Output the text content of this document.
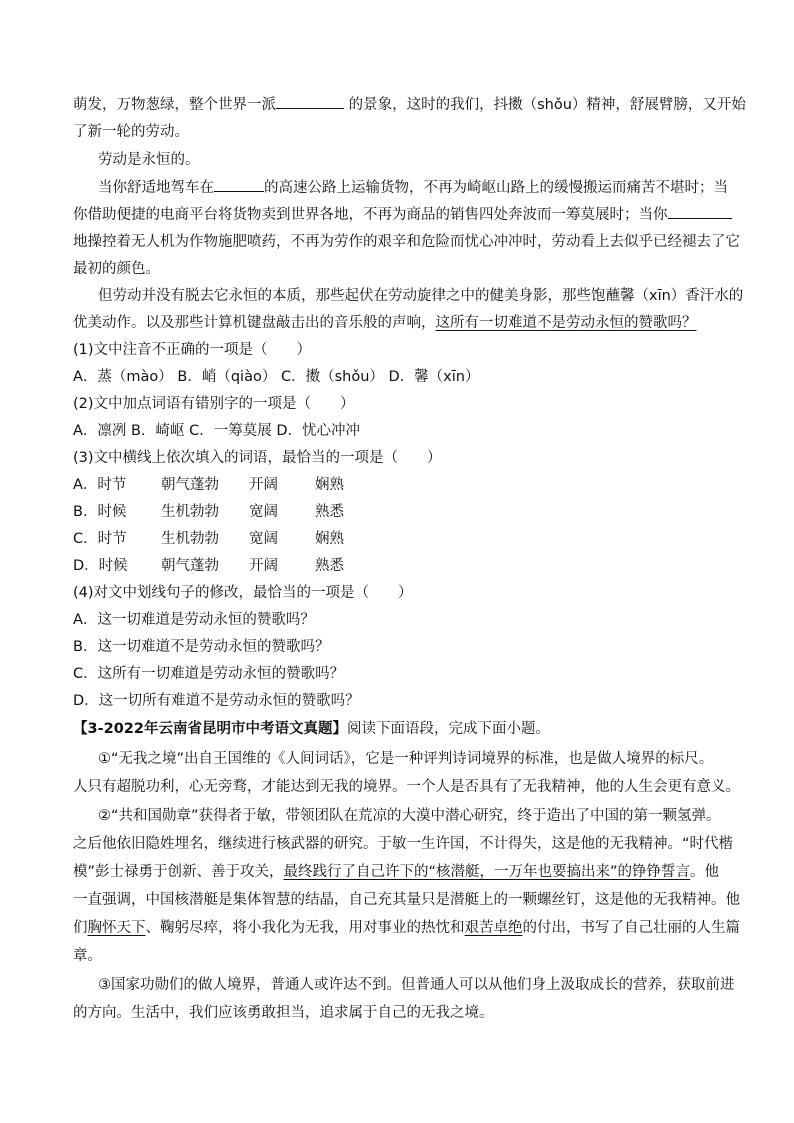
萌发，万物葱绿，整个世界一派	的景象，这时的我们，抖擞（shǒu）精神，舒展臂膀，又开始
了新一轮的劳动。
劳动是永恒的。
当你舒适地驾车在	的高速公路上运输货物，不再为崎岖山路上的缓慢搬运而痛苦不堪时；当
你借助便捷的电商平台将货物卖到世界各地，不再为商品的销售四处奔波而一筹莫展时；当你
地操控着无人机为作物施肥喷药，不再为劳作的艰辛和危险而忧心冲冲时，劳动看上去似乎已经褪去了它
最初的颜色。
但劳动并没有脱去它永恒的本质，那些起伏在劳动旋律之中的健美身影，那些饱蘸馨（xīn）香汗水的
优美动作。以及那些计算机键盘敲击出的音乐般的声响，这所有一切难道不是劳动永恒的赞歌吗？
(1)文中注音不正确的一项是（　　）
A．蒸（mào） B．峭（qiào） C．擞（shǒu） D．馨（xīn）
(2)文中加点词语有错别字的一项是（　　）
A．凛冽 B．崎岖 C．一筹莫展 D．忧心冲冲
(3)文中横线上依次填入的词语，最恰当的一项是（　　）
A．时节 朝气蓬勃 开阔	娴熟
B．时候 生机勃勃 宽阔	熟悉
C．时节 生机勃勃 宽阔	娴熟
D．时候 朝气蓬勃 开阔	熟悉
(4)对文中划线句子的修改，最恰当的一项是（　　）
A．这一切难道是劳动永恒的赞歌吗？
B．这一切难道不是劳动永恒的赞歌吗？
C．这所有一切难道是劳动永恒的赞歌吗？
D．这一切所有难道不是劳动永恒的赞歌吗？
【3-2022年云南省昆明市中考语文真题】阅读下面语段，完成下面小题。
①“无我之境”出自王国维的《人间词话》，它是一种评判诗词境界的标准，也是做人境界的标尺。
人只有超脱功利，心无旁骛，才能达到无我的境界。一个人是否具有了无我精神，他的人生会更有意义。
②“共和国勋章”获得者于敏，带领团队在荒凉的大漠中潜心研究，终于造出了中国的第一颗氢弹。
之后他依旧隐姓埋名，继续进行核武器的研究。于敏一生许国，不计得失，这是他的无我精神。“时代楷
模”彭士禄勇于创新、善于攻关，最终践行了自己许下的“核潜艇，一万年也要搞出来”的铮铮誓言。他
一直强调，中国核潜艇是集体智慧的结晶，自己充其量只是潜艇上的一颗螺丝钉，这是他的无我精神。他
们胸怀天下、鞠躬尽瘁，将小我化为无我，用对事业的热忱和艰苦卓绝的付出，书写了自己壮丽的人生篇
章。
③国家功勋们的做人境界，普通人或许达不到。但普通人可以从他们身上汲取成长的营养，获取前进
的方向。生活中，我们应该勇敢担当，追求属于自己的无我之境。
